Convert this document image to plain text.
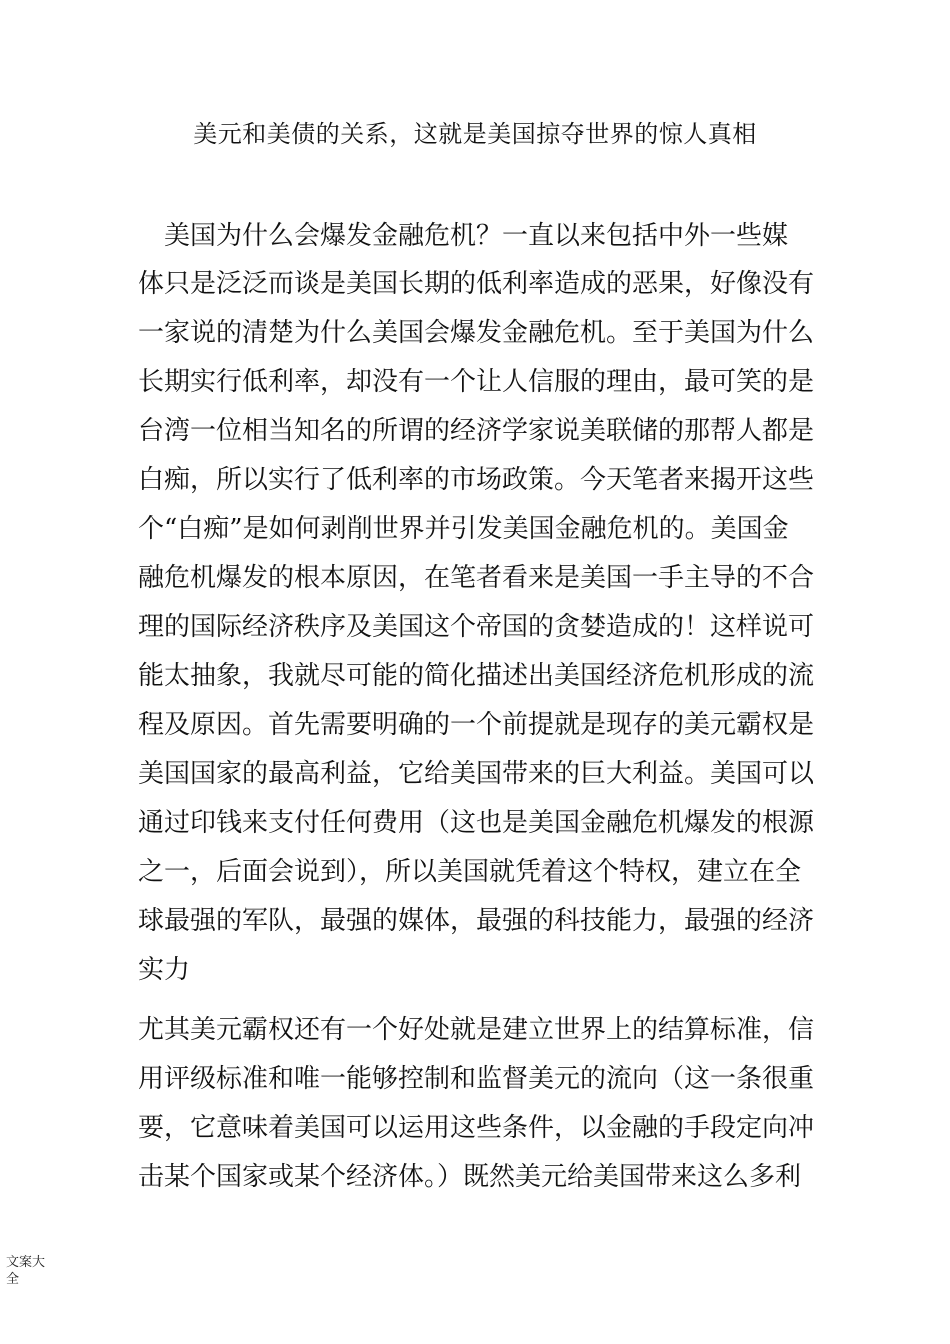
美元和美债的关系，这就是美国掠夺世界的惊人真相
　美国为什么会爆发金融危机？一直以来包括中外一些媒
体只是泛泛而谈是美国长期的低利率造成的恶果，好像没有
一家说的清楚为什么美国会爆发金融危机。至于美国为什么
长期实行低利率，却没有一个让人信服的理由，最可笑的是
台湾一位相当知名的所谓的经济学家说美联储的那帮人都是
白痴，所以实行了低利率的市场政策。今天笔者来揭开这些
个“白痴”是如何剥削世界并引发美国金融危机的。美国金
融危机爆发的根本原因，在笔者看来是美国一手主导的不合
理的国际经济秩序及美国这个帝国的贪婪造成的！这样说可
能太抽象，我就尽可能的简化描述出美国经济危机形成的流
程及原因。首先需要明确的一个前提就是现存的美元霸权是
美国国家的最高利益，它给美国带来的巨大利益。美国可以
通过印钱来支付任何费用（这也是美国金融危机爆发的根源
之一，后面会说到），所以美国就凭着这个特权，建立在全
球最强的军队，最强的媒体，最强的科技能力，最强的经济
实力
尤其美元霸权还有一个好处就是建立世界上的结算标准，信
用评级标准和唯一能够控制和监督美元的流向（这一条很重
要，它意味着美国可以运用这些条件，以金融的手段定向冲
击某个国家或某个经济体。）既然美元给美国带来这么多利
文案大全
